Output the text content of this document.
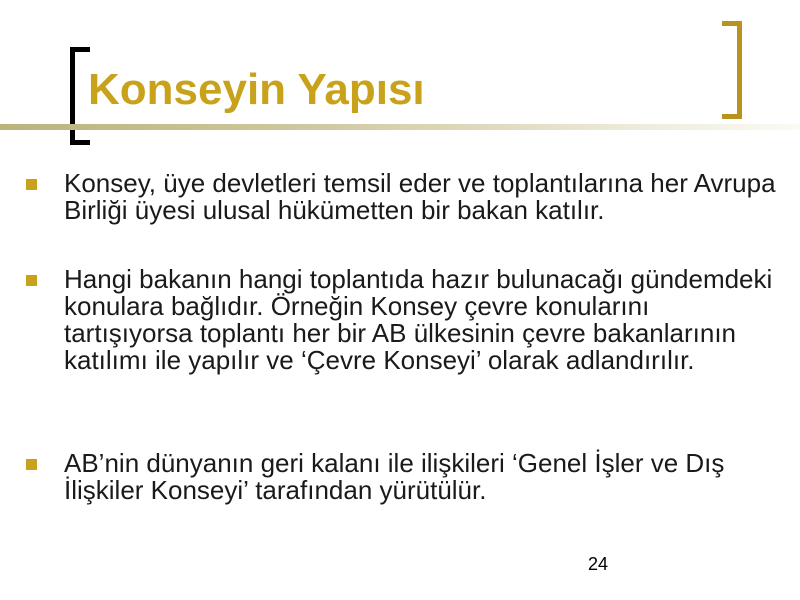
Konseyin Yapısı

Konsey, üye devletleri temsil eder ve toplantılarına her Avrupa Birliği üyesi ulusal hükümetten bir bakan katılır.

Hangi bakanın hangi toplantıda hazır bulunacağı gündemdeki konulara bağlıdır. Örneğin Konsey çevre konularını tartışıyorsa toplantı her bir AB ülkesinin çevre bakanlarının katılımı ile yapılır ve ‘Çevre Konseyi’ olarak adlandırılır.

AB’nin dünyanın geri kalanı ile ilişkileri ‘Genel İşler ve Dış İlişkiler Konseyi’ tarafından yürütülür.

24
